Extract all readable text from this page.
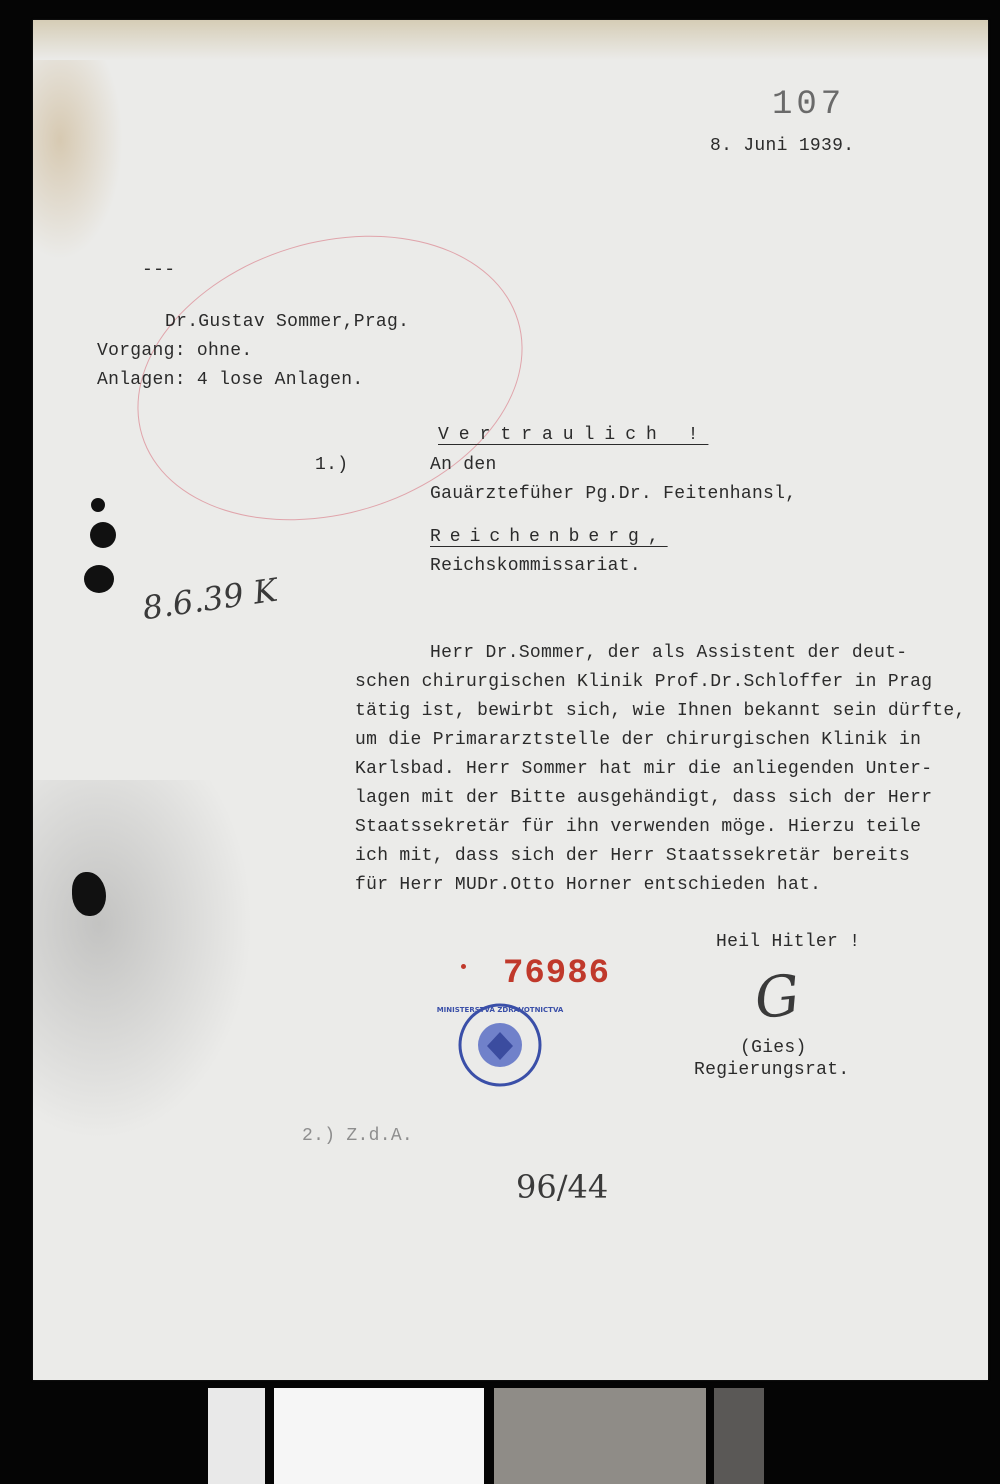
107
8. Juni 1939.
---
Dr.Gustav Sommer,Prag.
Vorgang: ohne.
Anlagen: 4 lose Anlagen.
Vertraulich !
1.)	An den
Gauärztefüher Pg.Dr. Feitenhansl,
Reichenberg,
Reichskommissariat.
8.6.39 K
Herr Dr.Sommer, der als Assistent der deut-
schen chirurgischen Klinik Prof.Dr.Schloffer in Prag
tätig ist, bewirbt sich, wie Ihnen bekannt sein dürfte,
um die Primararztstelle der chirurgischen Klinik in
Karlsbad. Herr Sommer hat mir die anliegenden Unter-
lagen mit der Bitte ausgehändigt, dass sich der Herr
Staatssekretär für ihn verwenden möge. Hierzu teile
ich mit, dass sich der Herr Staatssekretär bereits
für Herr MUDr.Otto Horner entschieden hat.
Heil Hitler !
G
(Gies)
Regierungsrat.
76986
MINISTERSTVA ZDRAVOTNICTVA
2.) Z.d.A.
96/44
